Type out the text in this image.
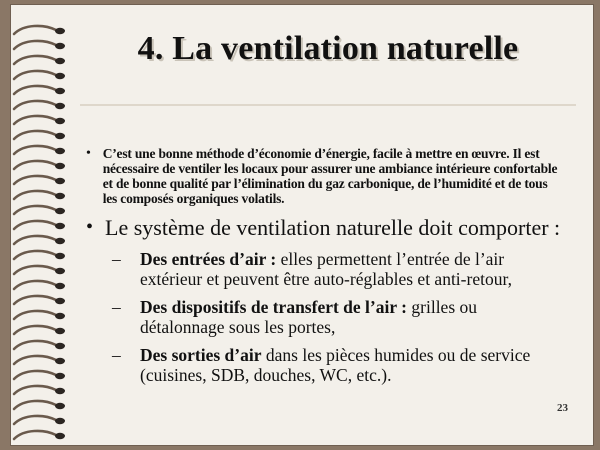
4. La ventilation naturelle
• C’est une bonne méthode d’économie d’énergie, facile à mettre en œuvre. Il est nécessaire de ventiler les locaux pour assurer une ambiance intérieure confortable et de bonne qualité par l’élimination du gaz carbonique, de l’humidité et de tous les composés organiques volatils.
• Le système de ventilation naturelle doit comporter :
– Des entrées d’air : elles permettent l’entrée de l’air extérieur et peuvent être auto-réglables et anti-retour,
– Des dispositifs de transfert de l’air : grilles ou détalonnage sous les portes,
– Des sorties d’air dans les pièces humides ou de service (cuisines, SDB, douches, WC, etc.).
23
